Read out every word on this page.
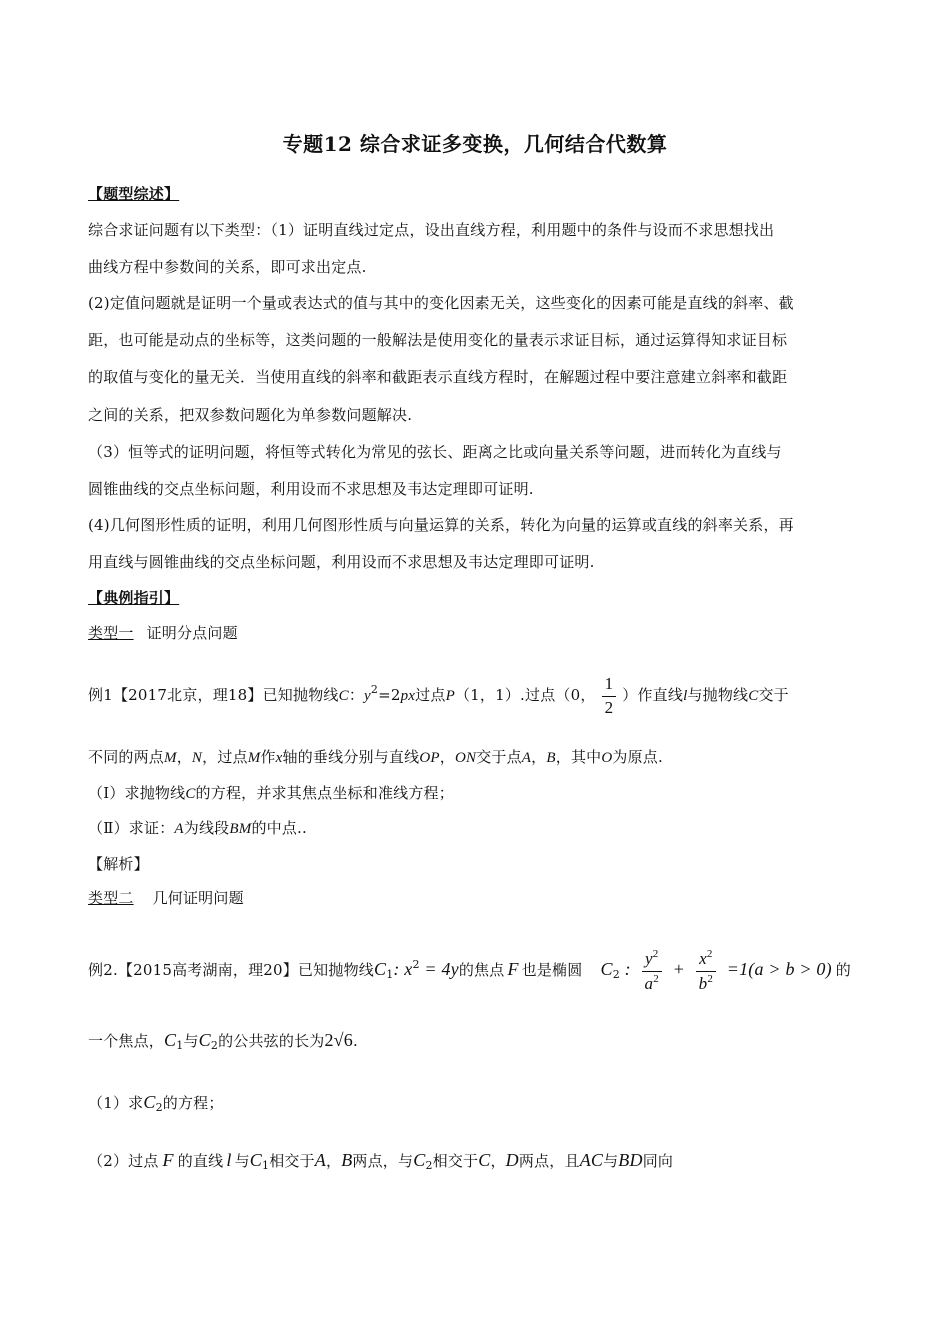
专题12 综合求证多变换，几何结合代数算
【题型综述】
综合求证问题有以下类型：（1）证明直线过定点，设出直线方程，利用题中的条件与设而不求思想找出
曲线方程中参数间的关系，即可求出定点.
(2)定值问题就是证明一个量或表达式的值与其中的变化因素无关，这些变化的因素可能是直线的斜率、截
距，也可能是动点的坐标等，这类问题的一般解法是使用变化的量表示求证目标，通过运算得知求证目标
的取值与变化的量无关．当使用直线的斜率和截距表示直线方程时，在解题过程中要注意建立斜率和截距
之间的关系，把双参数问题化为单参数问题解决.
（3）恒等式的证明问题，将恒等式转化为常见的弦长、距离之比或向量关系等问题，进而转化为直线与
圆锥曲线的交点坐标问题，利用设而不求思想及韦达定理即可证明.
(4)几何图形性质的证明，利用几何图形性质与向量运算的关系，转化为向量的运算或直线的斜率关系，再
用直线与圆锥曲线的交点坐标问题，利用设而不求思想及韦达定理即可证明.
【典例指引】
类型一 证明分点问题
例1【2017北京，理18】已知抛物线C：$y^2=2px$过点P（1，1）.过点（0， $\frac{1}{2}$ ）作直线l与抛物线C交于
不同的两点M，N，过点M作x轴的垂线分别与直线OP，ON交于点A，B，其中O为原点.
（Ⅰ）求抛物线C的方程，并求其焦点坐标和准线方程；
（Ⅱ）求证：A为线段BM的中点..
【解析】
类型二 几何证明问题
例2.【2015高考湖南，理20】已知抛物线$C_1$: $x^2 = 4y$的焦点 F 也是椭圆 $C_2$ : $\frac{y^2}{a^2} + \frac{x^2}{b^2} =1(a > b > 0)$ 的
一个焦点，$C_1$与$C_2$的公共弦的长为2√6.
（1）求$C_2$的方程；
（2）过点 F 的直线 l 与$C_1$相交于A，B两点，与$C_2$相交于C，D两点，且AC与BD同向
